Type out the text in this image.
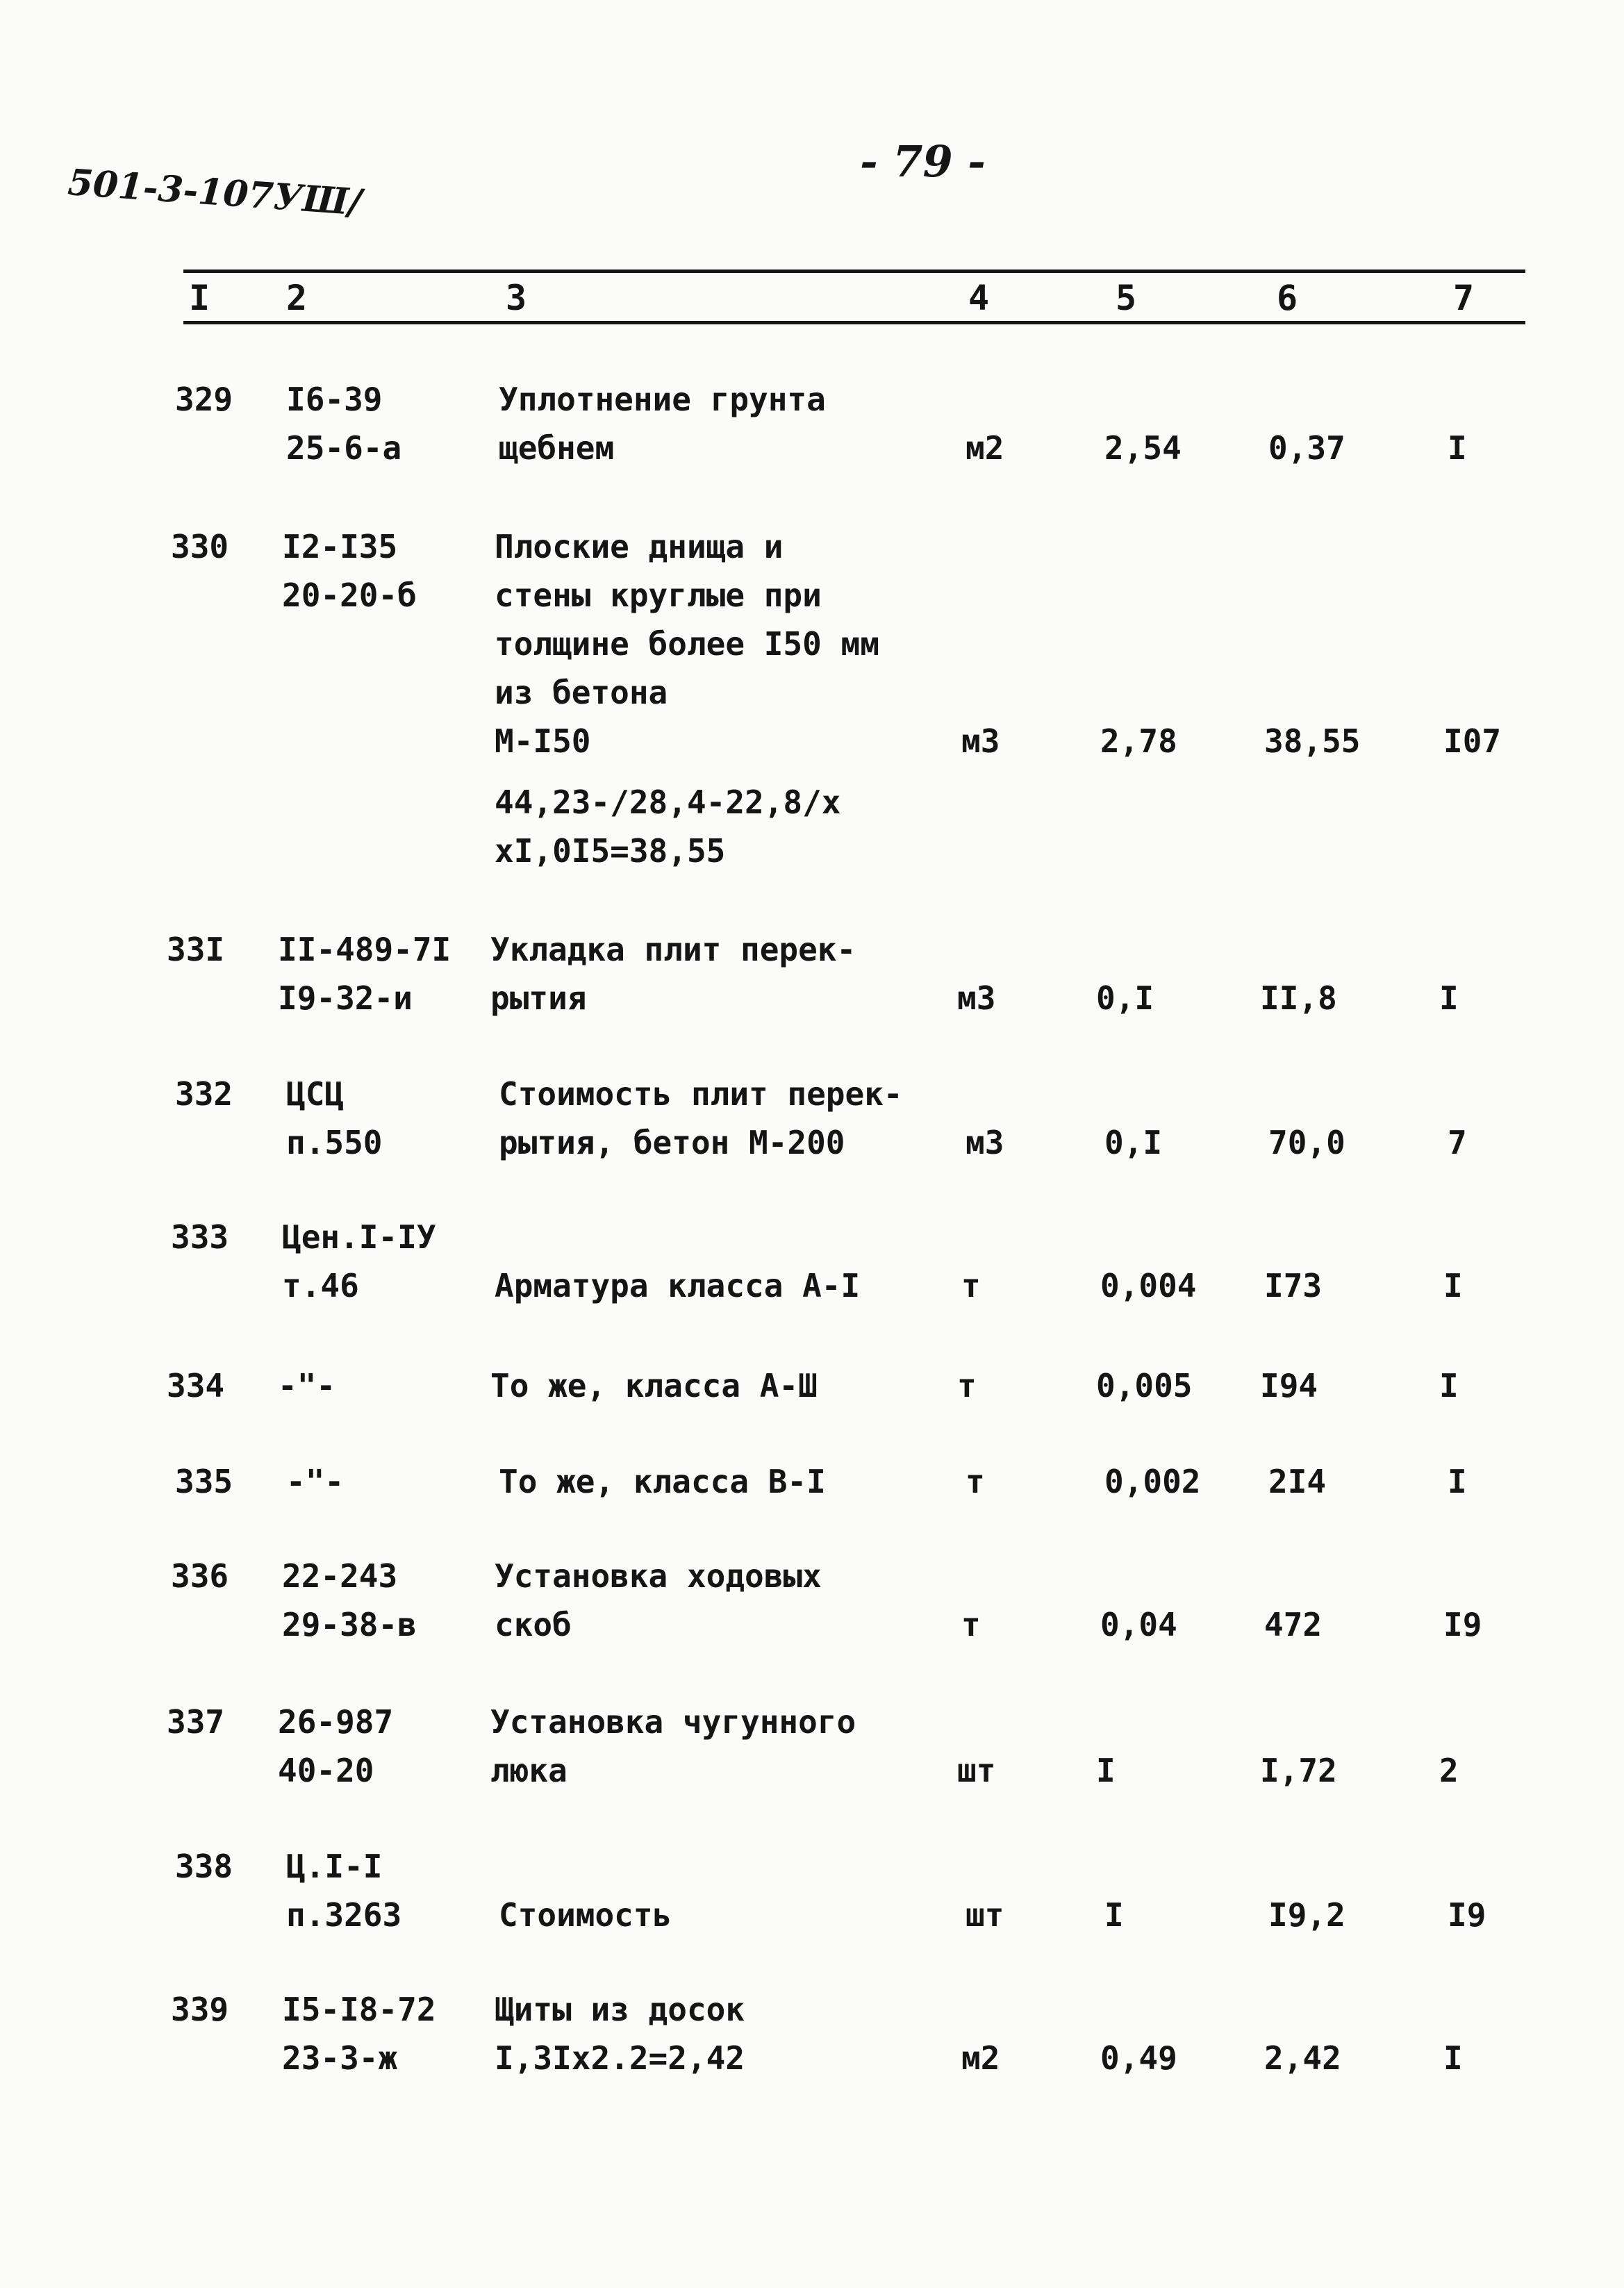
501-3-107УШ/	- 79 -
I 2	3	4	5	6	7
329 I6-39
25-6-а
Уплотнение грунта
щебнем	м2	2,54	0,37	I
330 I2-I35
20-20-б
Плоские днища и
стены круглые при
толщине более I50 мм
из бетона
М-I50
44,23-/28,4-22,8/х
хI,0I5=38,55
м3	2,78	38,55	I07
33I II-489-7I
I9-32-и
Укладка плит перек-
рытия	м3	0,I	II,8	I
332 ЦСЦ
п.550
Стоимость плит перек-
рытия, бетон М-200	м3	0,I	70,0	7
333 Цен.I-IУ
т.46	Арматура класса А-I	т	0,004 I73	I
334 -"-	То же, класса А-Ш	т	0,005 I94	I
335 -"-	То же, класса В-I	т	0,002 2I4	I
336 22-243
29-38-в
Установка ходовых
скоб	т	0,04	472	I9
337 26-987
40-20
Установка чугунного
люка	шт	I	I,72	2
338 Ц.I-I
п.3263	Стоимость	шт	I	I9,2	I9
339 I5-I8-72
23-3-ж
Щиты из досок
I,3Iх2.2=2,42	м2	0,49	2,42	I
